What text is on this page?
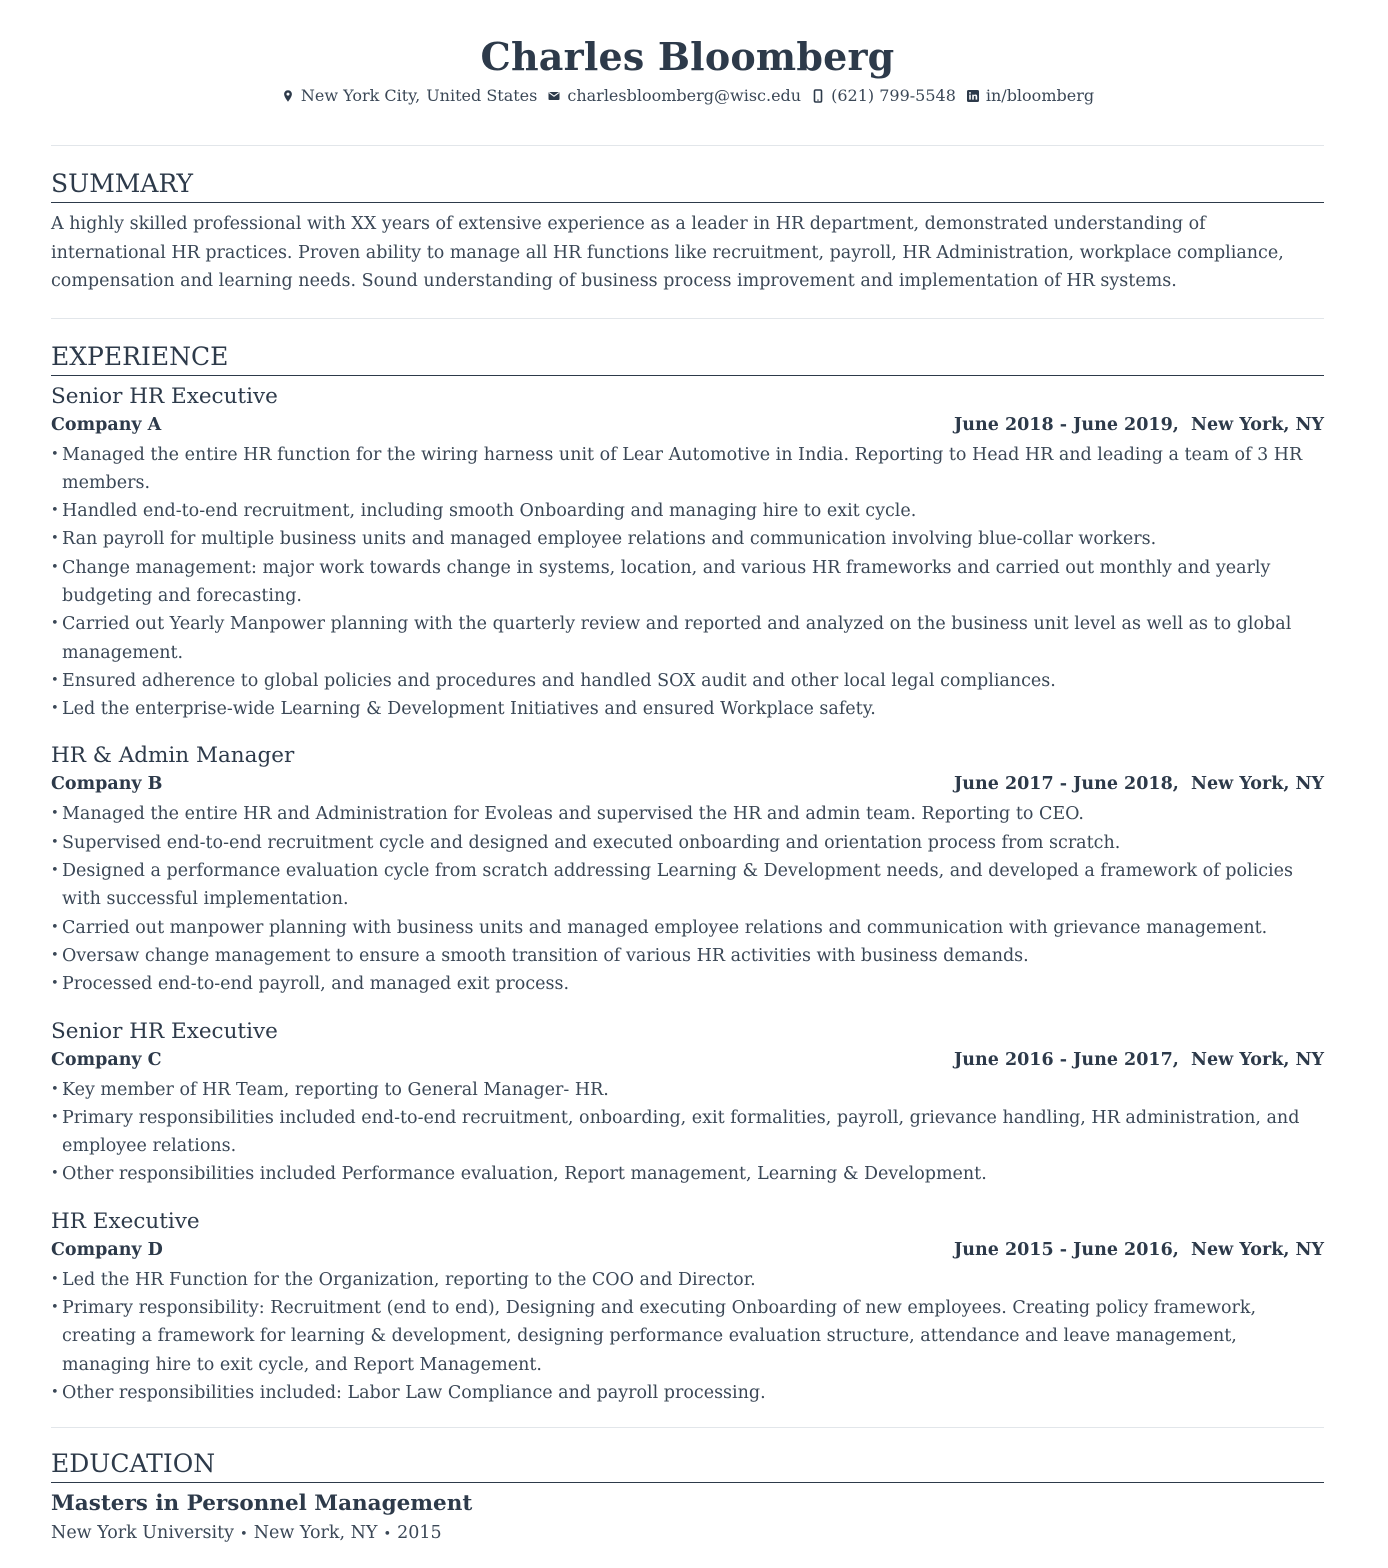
Charles Bloomberg
New York City, United States charlesbloomberg@wisc.edu (621) 799-5548 in/bloomberg
SUMMARY

A highly skilled professional with XX years of extensive experience as a leader in HR department, demonstrated understanding of international HR practices. Proven ability to manage all HR functions like recruitment, payroll, HR Administration, workplace compliance, compensation and learning needs. Sound understanding of business process improvement and implementation of HR systems.

EXPERIENCE
Senior HR Executive
Company A	June 2018 - June 2019, New York, NY
• Managed the entire HR function for the wiring harness unit of Lear Automotive in India. Reporting to Head HR and leading a team of 3 HR members.
• Handled end-to-end recruitment, including smooth Onboarding and managing hire to exit cycle.
• Ran payroll for multiple business units and managed employee relations and communication involving blue-collar workers.
• Change management: major work towards change in systems, location, and various HR frameworks and carried out monthly and yearly budgeting and forecasting.
• Carried out Yearly Manpower planning with the quarterly review and reported and analyzed on the business unit level as well as to global management.
• Ensured adherence to global policies and procedures and handled SOX audit and other local legal compliances.
• Led the enterprise-wide Learning & Development Initiatives and ensured Workplace safety.
HR & Admin Manager
Company B	June 2017 - June 2018, New York, NY
• Managed the entire HR and Administration for Evoleas and supervised the HR and admin team. Reporting to CEO.
• Supervised end-to-end recruitment cycle and designed and executed onboarding and orientation process from scratch.
• Designed a performance evaluation cycle from scratch addressing Learning & Development needs, and developed a framework of policies with successful implementation.
• Carried out manpower planning with business units and managed employee relations and communication with grievance management.
• Oversaw change management to ensure a smooth transition of various HR activities with business demands.
• Processed end-to-end payroll, and managed exit process.
Senior HR Executive
Company C	June 2016 - June 2017, New York, NY
• Key member of HR Team, reporting to General Manager- HR.
• Primary responsibilities included end-to-end recruitment, onboarding, exit formalities, payroll, grievance handling, HR administration, and employee relations.
• Other responsibilities included Performance evaluation, Report management, Learning & Development.
HR Executive
Company D	June 2015 - June 2016, New York, NY
• Led the HR Function for the Organization, reporting to the COO and Director.
• Primary responsibility: Recruitment (end to end), Designing and executing Onboarding of new employees. Creating policy framework, creating a framework for learning & development, designing performance evaluation structure, attendance and leave management, managing hire to exit cycle, and Report Management.
• Other responsibilities included: Labor Law Compliance and payroll processing.
EDUCATION
Masters in Personnel Management
New York University • New York, NY • 2015
